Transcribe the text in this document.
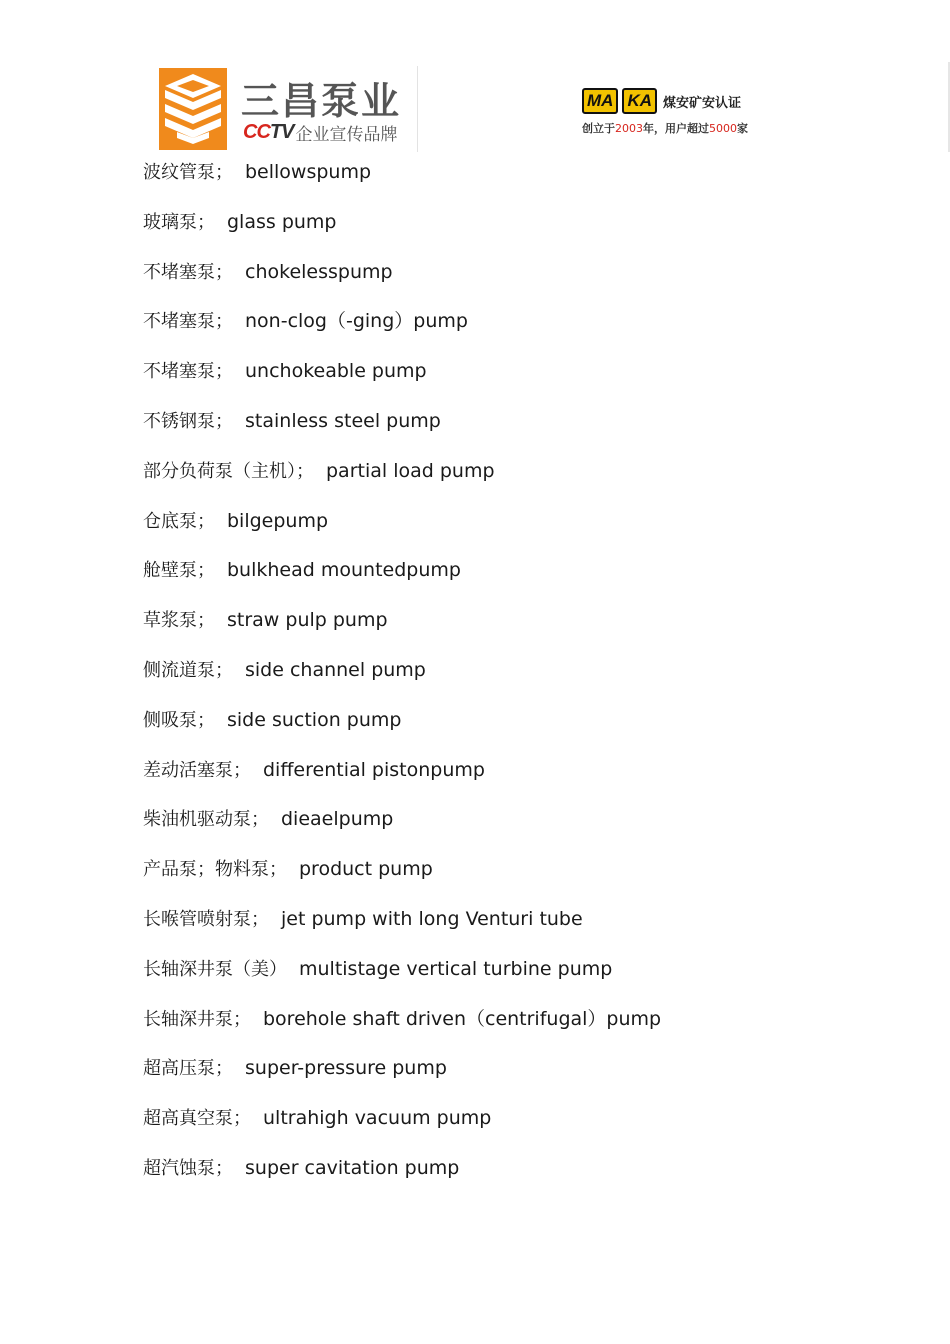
三昌泵业
CCTV 企业宣传品牌
MA KA 煤安矿安认证
创立于2003年，用户超过5000家
波纹管泵； bellowspump
玻璃泵； glass pump
不堵塞泵； chokelesspump
不堵塞泵； non-clog（-ging）pump
不堵塞泵； unchokeable pump
不锈钢泵； stainless steel pump
部分负荷泵（主机）； partial load pump
仓底泵； bilgepump
舱壁泵； bulkhead mountedpump
草浆泵； straw pulp pump
侧流道泵； side channel pump
侧吸泵； side suction pump
差动活塞泵； differential pistonpump
柴油机驱动泵； dieaelpump
产品泵；物料泵； product pump
长喉管喷射泵； jet pump with long Venturi tube
长轴深井泵（美） multistage vertical turbine pump
长轴深井泵； borehole shaft driven（centrifugal）pump
超高压泵； super-pressure pump
超高真空泵； ultrahigh vacuum pump
超汽蚀泵； super cavitation pump
